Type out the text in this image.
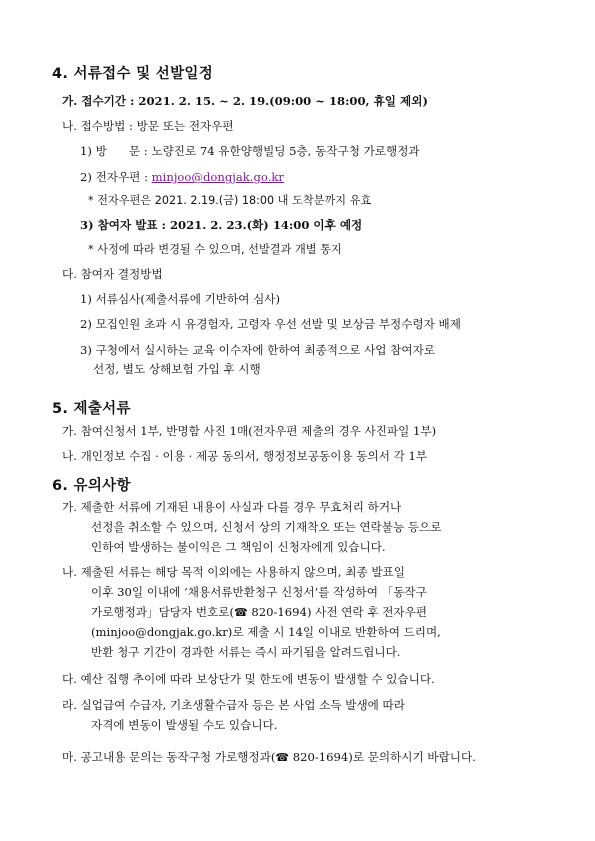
4. 서류접수 및 선발일정
가. 접수기간 : 2021. 2. 15. ~ 2. 19.(09:00 ~ 18:00, 휴일 제외)
나. 접수방법 : 방문 또는 전자우편
1) 방      문 : 노량진로 74 유한양행빌딩 5층, 동작구청 가로행정과
2) 전자우편 : minjoo@dongjak.go.kr
* 전자우편은 2021. 2.19.(금) 18:00 내 도착분까지 유효
3) 참여자 발표 : 2021. 2. 23.(화) 14:00 이후 예정
* 사정에 따라 변경될 수 있으며, 선발결과 개별 통지
다. 참여자 결정방법
1) 서류심사(제출서류에 기반하여 심사)
2) 모집인원 초과 시 유경험자, 고령자 우선 선발 및 보상금 부정수령자 배제
3) 구청에서 실시하는 교육 이수자에 한하여 최종적으로 사업 참여자로
선정, 별도 상해보험 가입 후 시행
5. 제출서류
가. 참여신청서 1부, 반명함 사진 1매(전자우편 제출의 경우 사진파일 1부)
나. 개인정보 수집 · 이용 · 제공 동의서, 행정정보공동이용 동의서 각 1부
6. 유의사항
가. 제출한 서류에 기재된 내용이 사실과 다를 경우 무효처리 하거나
선정을 취소할 수 있으며, 신청서 상의 기재착오 또는 연락불능 등으로
인하여 발생하는 불이익은 그 책임이 신청자에게 있습니다.
나. 제출된 서류는 해당 목적 이외에는 사용하지 않으며, 최종 발표일
이후 30일 이내에 ‘채용서류반환청구 신청서’를 작성하여 「동작구
가로행정과」담당자 번호로(☎ 820-1694) 사전 연락 후 전자우편
(minjoo@dongjak.go.kr)로 제출 시 14일 이내로 반환하여 드리며,
반환 청구 기간이 경과한 서류는 즉시 파기됨을 알려드립니다.
다. 예산 집행 추이에 따라 보상단가 및 한도에 변동이 발생할 수 있습니다.
라. 실업급여 수급자, 기초생활수급자 등은 본 사업 소득 발생에 따라
자격에 변동이 발생될 수도 있습니다.
마. 공고내용 문의는 동작구청 가로행정과(☎ 820-1694)로 문의하시기 바랍니다.
